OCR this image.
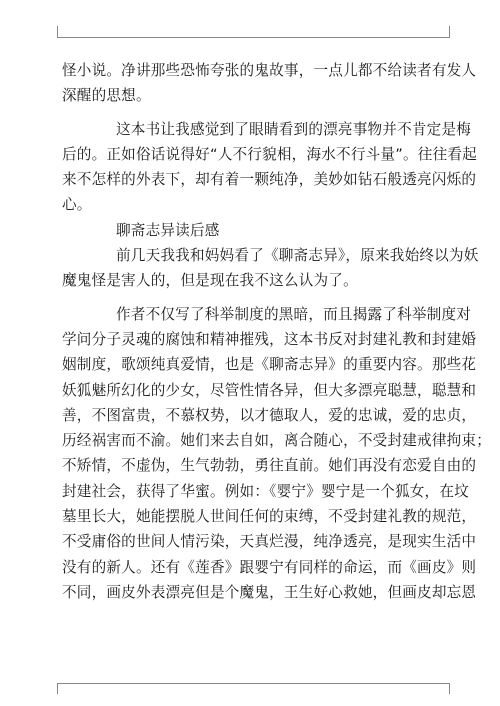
怪小说。净讲那些恐怖夸张的鬼故事，一点儿都不给读者有发人
深醒的思想。
这本书让我感觉到了眼睛看到的漂亮事物并不肯定是梅
后的。正如俗话说得好“人不行貌相，海水不行斗量”。往往看起
来不怎样的外表下，却有着一颗纯净，美妙如钻石般透亮闪烁的
心。
聊斋志异读后感
前几天我我和妈妈看了《聊斋志异》，原来我始终以为妖
魔鬼怪是害人的，但是现在我不这么认为了。
作者不仅写了科举制度的黑暗，而且揭露了科举制度对
学问分子灵魂的腐蚀和精神摧残，这本书反对封建礼教和封建婚
姻制度，歌颂纯真爱情，也是《聊斋志异》的重要内容。那些花
妖狐魅所幻化的少女，尽管性情各异，但大多漂亮聪慧，聪慧和
善，不图富贵，不慕权势，以才德取人，爱的忠诚，爱的忠贞，
历经祸害而不渝。她们来去自如，离合随心，不受封建戒律拘束；
不矫情，不虚伪，生气勃勃，勇往直前。她们再没有恋爱自由的
封建社会，获得了华蜜。例如：《婴宁》婴宁是一个狐女，在坟
墓里长大，她能摆脱人世间任何的束缚，不受封建礼教的规范，
不受庸俗的世间人情污染，天真烂漫，纯净透亮，是现实生活中
没有的新人。还有《莲香》跟婴宁有同样的命运，而《画皮》则
不同，画皮外表漂亮但是个魔鬼，王生好心救她，但画皮却忘恩
